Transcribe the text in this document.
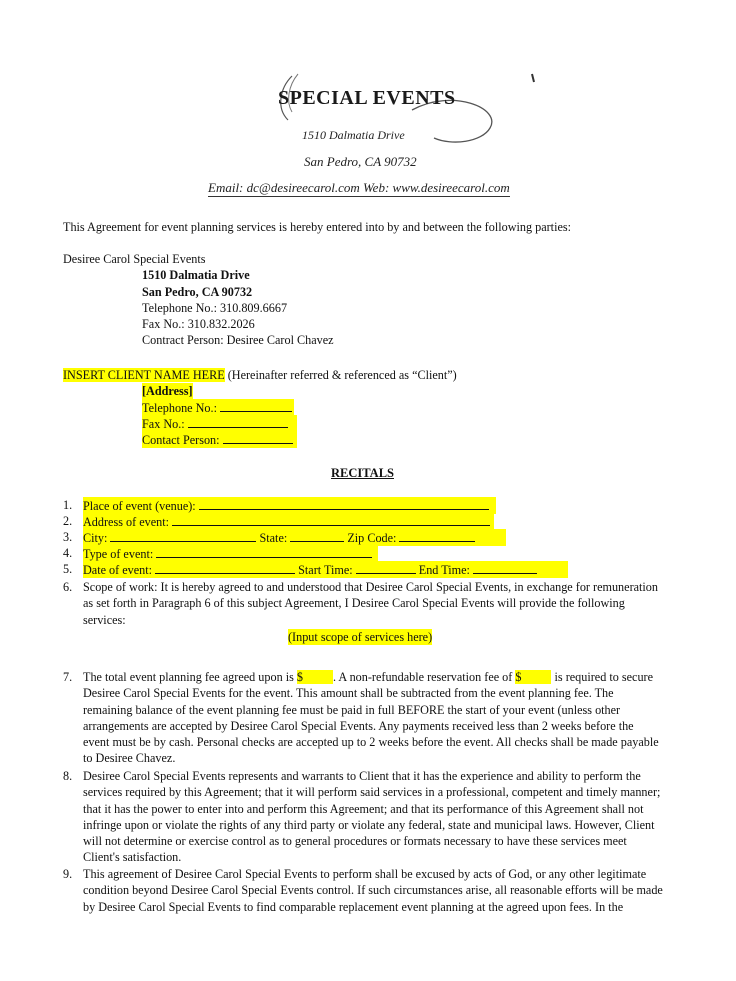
SPECIAL EVENTS
1510 Dalmatia Drive
San Pedro, CA 90732
Email: dc@desireecarol.com Web: www.desireecarol.com
This Agreement for event planning services is hereby entered into by and between the following parties:
Desiree Carol Special Events
1510 Dalmatia Drive
San Pedro, CA 90732
Telephone No.: 310.809.6667
Fax No.: 310.832.2026
Contract Person: Desiree Carol Chavez
INSERT CLIENT NAME HERE (Hereinafter referred & referenced as “Client”)
[Address]
Telephone No.:
Fax No.:
Contact Person:
RECITALS
1. Place of event (venue):
2. Address of event:
3. City:	State:	Zip Code:
4. Type of event:
5. Date of event:	Start Time:	End Time:
6. Scope of work: It is hereby agreed to and understood that Desiree Carol Special Events, in exchange for remuneration as set forth in Paragraph 6 of this subject Agreement, I Desiree Carol Special Events will provide the following services:
(Input scope of services here)
7. The total event planning fee agreed upon is $ . A non-refundable reservation fee of $ is required to secure Desiree Carol Special Events for the event. This amount shall be subtracted from the event planning fee. The remaining balance of the event planning fee must be paid in full BEFORE the start of your event (unless other arrangements are accepted by Desiree Carol Special Events. Any payments received less than 2 weeks before the event must be by cash. Personal checks are accepted up to 2 weeks before the event. All checks shall be made payable to Desiree Chavez.
8. Desiree Carol Special Events represents and warrants to Client that it has the experience and ability to perform the services required by this Agreement; that it will perform said services in a professional, competent and timely manner; that it has the power to enter into and perform this Agreement; and that its performance of this Agreement shall not infringe upon or violate the rights of any third party or violate any federal, state and municipal laws. However, Client will not determine or exercise control as to general procedures or formats necessary to have these services meet Client's satisfaction.
9. This agreement of Desiree Carol Special Events to perform shall be excused by acts of God, or any other legitimate condition beyond Desiree Carol Special Events control. If such circumstances arise, all reasonable efforts will be made by Desiree Carol Special Events to find comparable replacement event planning at the agreed upon fees. In the
